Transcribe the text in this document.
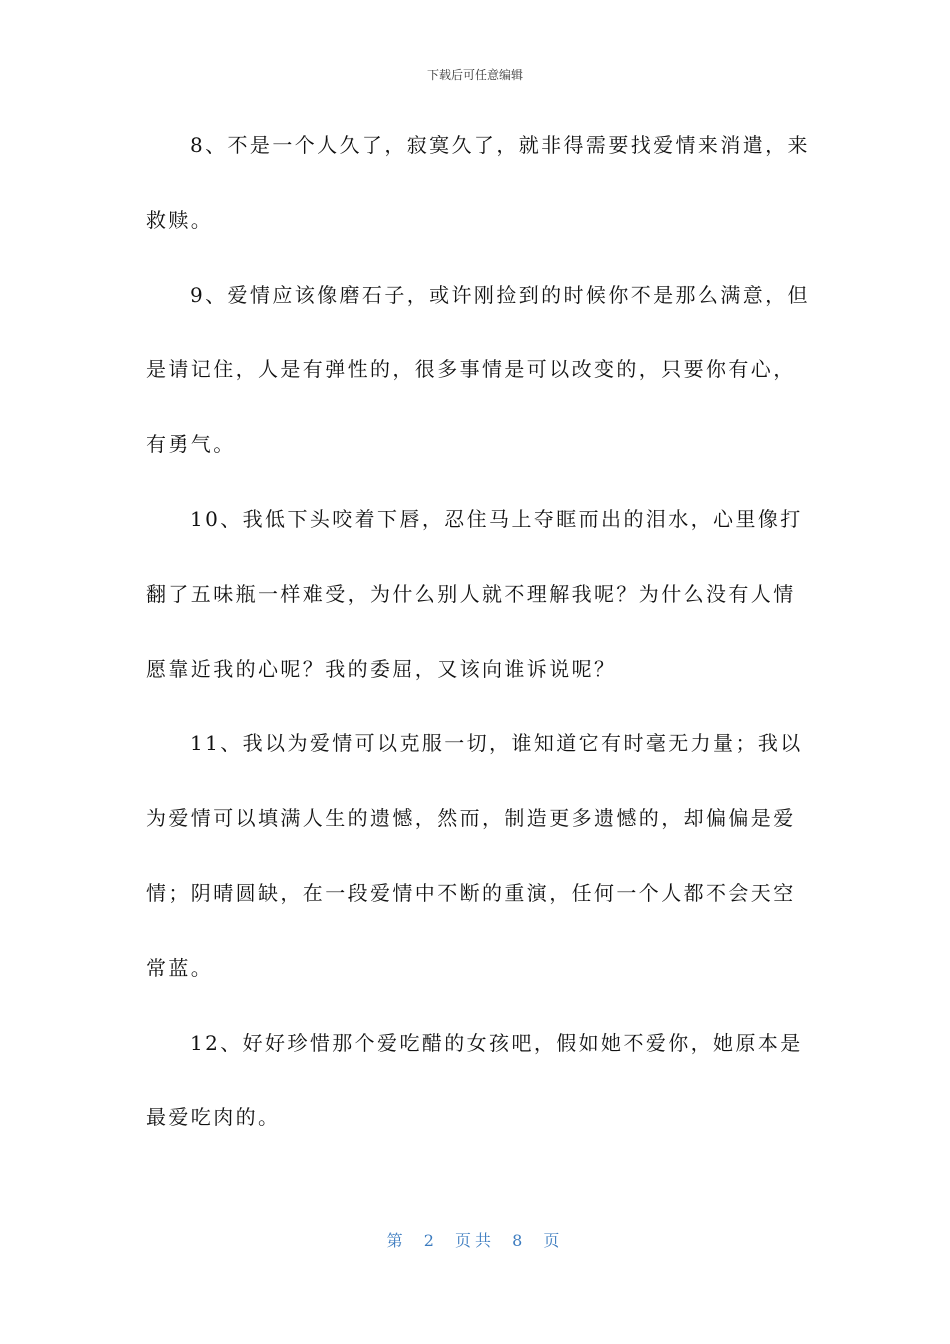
下载后可任意编辑
8、不是一个人久了，寂寞久了，就非得需要找爱情来消遣，来
救赎。
9、爱情应该像磨石子，或许刚捡到的时候你不是那么满意，但
是请记住，人是有弹性的，很多事情是可以改变的，只要你有心，
有勇气。
10、我低下头咬着下唇，忍住马上夺眶而出的泪水，心里像打
翻了五味瓶一样难受，为什么别人就不理解我呢？为什么没有人情
愿靠近我的心呢？我的委屈，又该向谁诉说呢？
11、我以为爱情可以克服一切，谁知道它有时毫无力量；我以
为爱情可以填满人生的遗憾，然而，制造更多遗憾的，却偏偏是爱
情；阴晴圆缺，在一段爱情中不断的重演，任何一个人都不会天空
常蓝。
12、好好珍惜那个爱吃醋的女孩吧，假如她不爱你，她原本是
最爱吃肉的。
第 2 页共 8 页
